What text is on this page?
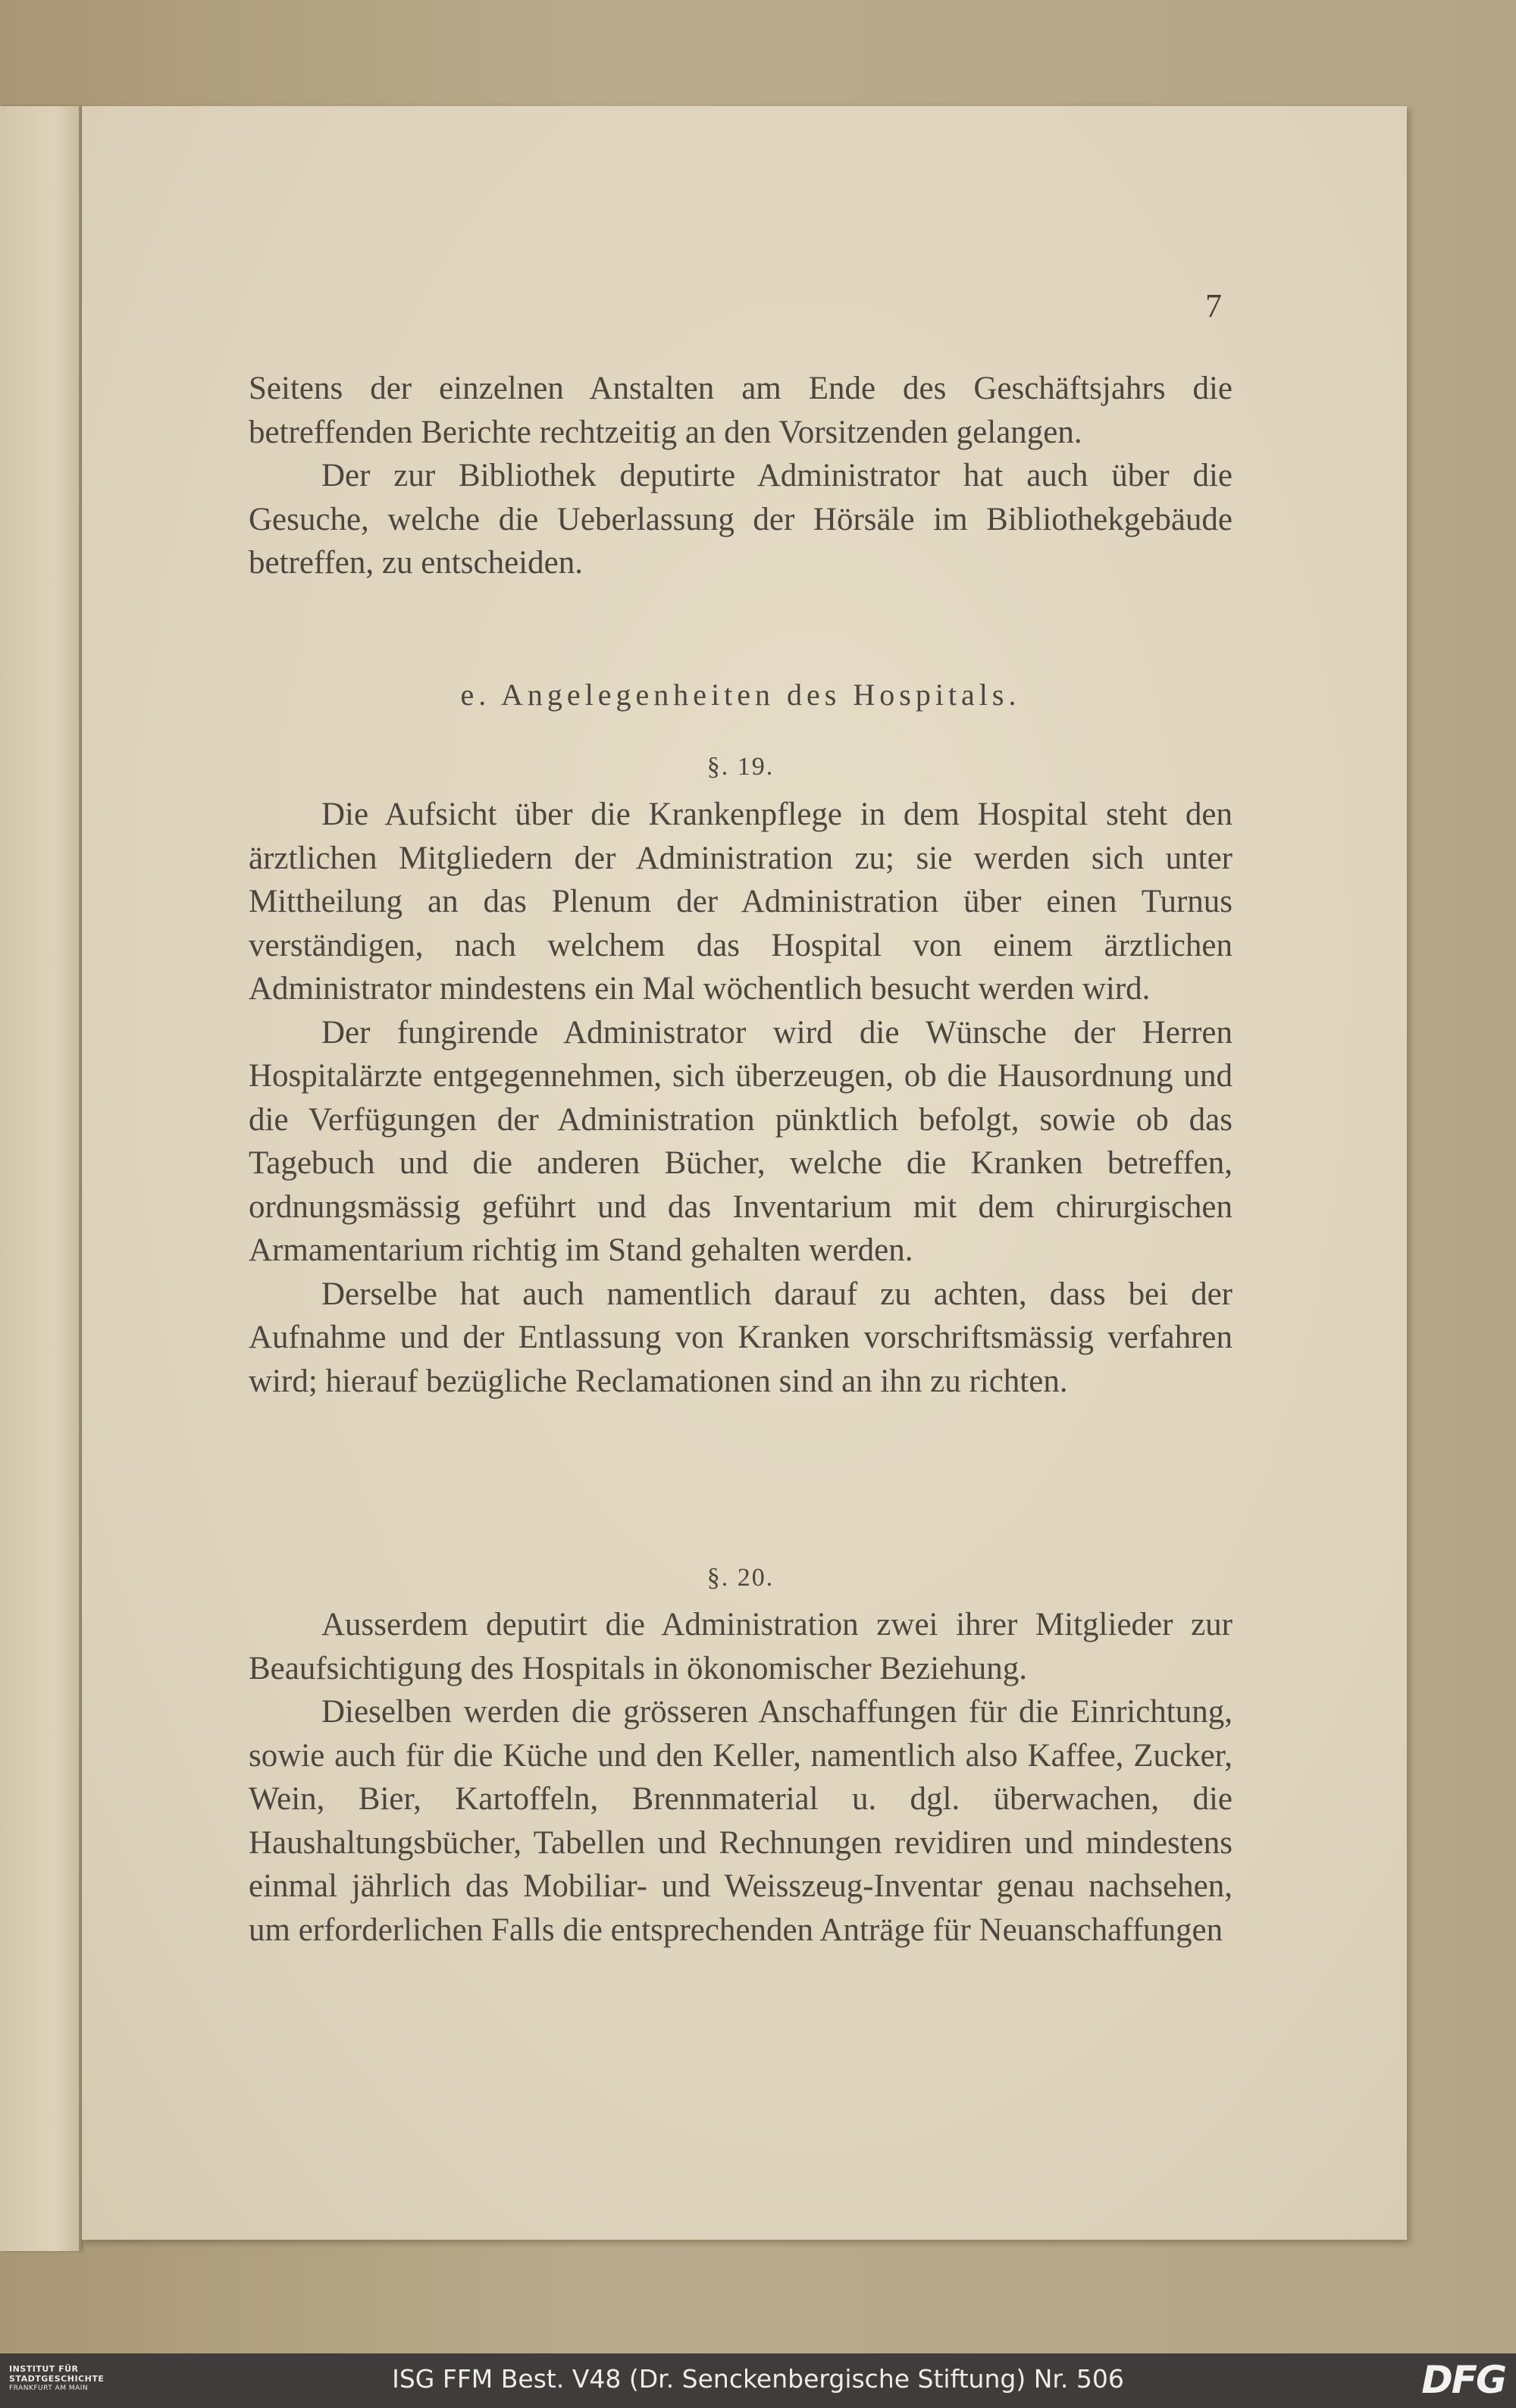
7

Seitens der einzelnen Anstalten am Ende des Geschäftsjahrs die betreffenden Berichte rechtzeitig an den Vorsitzenden gelangen.

Der zur Bibliothek deputirte Administrator hat auch über die Gesuche, welche die Ueberlassung der Hörsäle im Bibliothekgebäude betreffen, zu entscheiden.

e. Angelegenheiten des Hospitals.
§. 19.

Die Aufsicht über die Krankenpflege in dem Hospital steht den ärztlichen Mitgliedern der Administration zu; sie werden sich unter Mittheilung an das Plenum der Administration über einen Turnus verständigen, nach welchem das Hospital von einem ärztlichen Administrator mindestens ein Mal wöchentlich besucht werden wird.

Der fungirende Administrator wird die Wünsche der Herren Hospitalärzte entgegennehmen, sich überzeugen, ob die Hausordnung und die Verfügungen der Administration pünktlich befolgt, sowie ob das Tagebuch und die anderen Bücher, welche die Kranken betreffen, ordnungsmässig geführt und das Inventarium mit dem chirurgischen Armamentarium richtig im Stand gehalten werden.

Derselbe hat auch namentlich darauf zu achten, dass bei der Aufnahme und der Entlassung von Kranken vorschriftsmässig verfahren wird; hierauf bezügliche Reclamationen sind an ihn zu richten.

§. 20.

Ausserdem deputirt die Administration zwei ihrer Mitglieder zur Beaufsichtigung des Hospitals in ökonomischer Beziehung.

Dieselben werden die grösseren Anschaffungen für die Einrichtung, sowie auch für die Küche und den Keller, namentlich also Kaffee, Zucker, Wein, Bier, Kartoffeln, Brennmaterial u. dgl. überwachen, die Haushaltungsbücher, Tabellen und Rechnungen revidiren und mindestens einmal jährlich das Mobiliar- und Weisszeug-Inventar genau nachsehen, um erforderlichen Falls die entsprechenden Anträge für Neuanschaffungen

INSTITUT FÜR
STADTGESCHICHTE
FRANKFURT AM MAIN	ISG FFM Best. V48 (Dr. Senckenbergische Stiftung) Nr. 506	DFG
